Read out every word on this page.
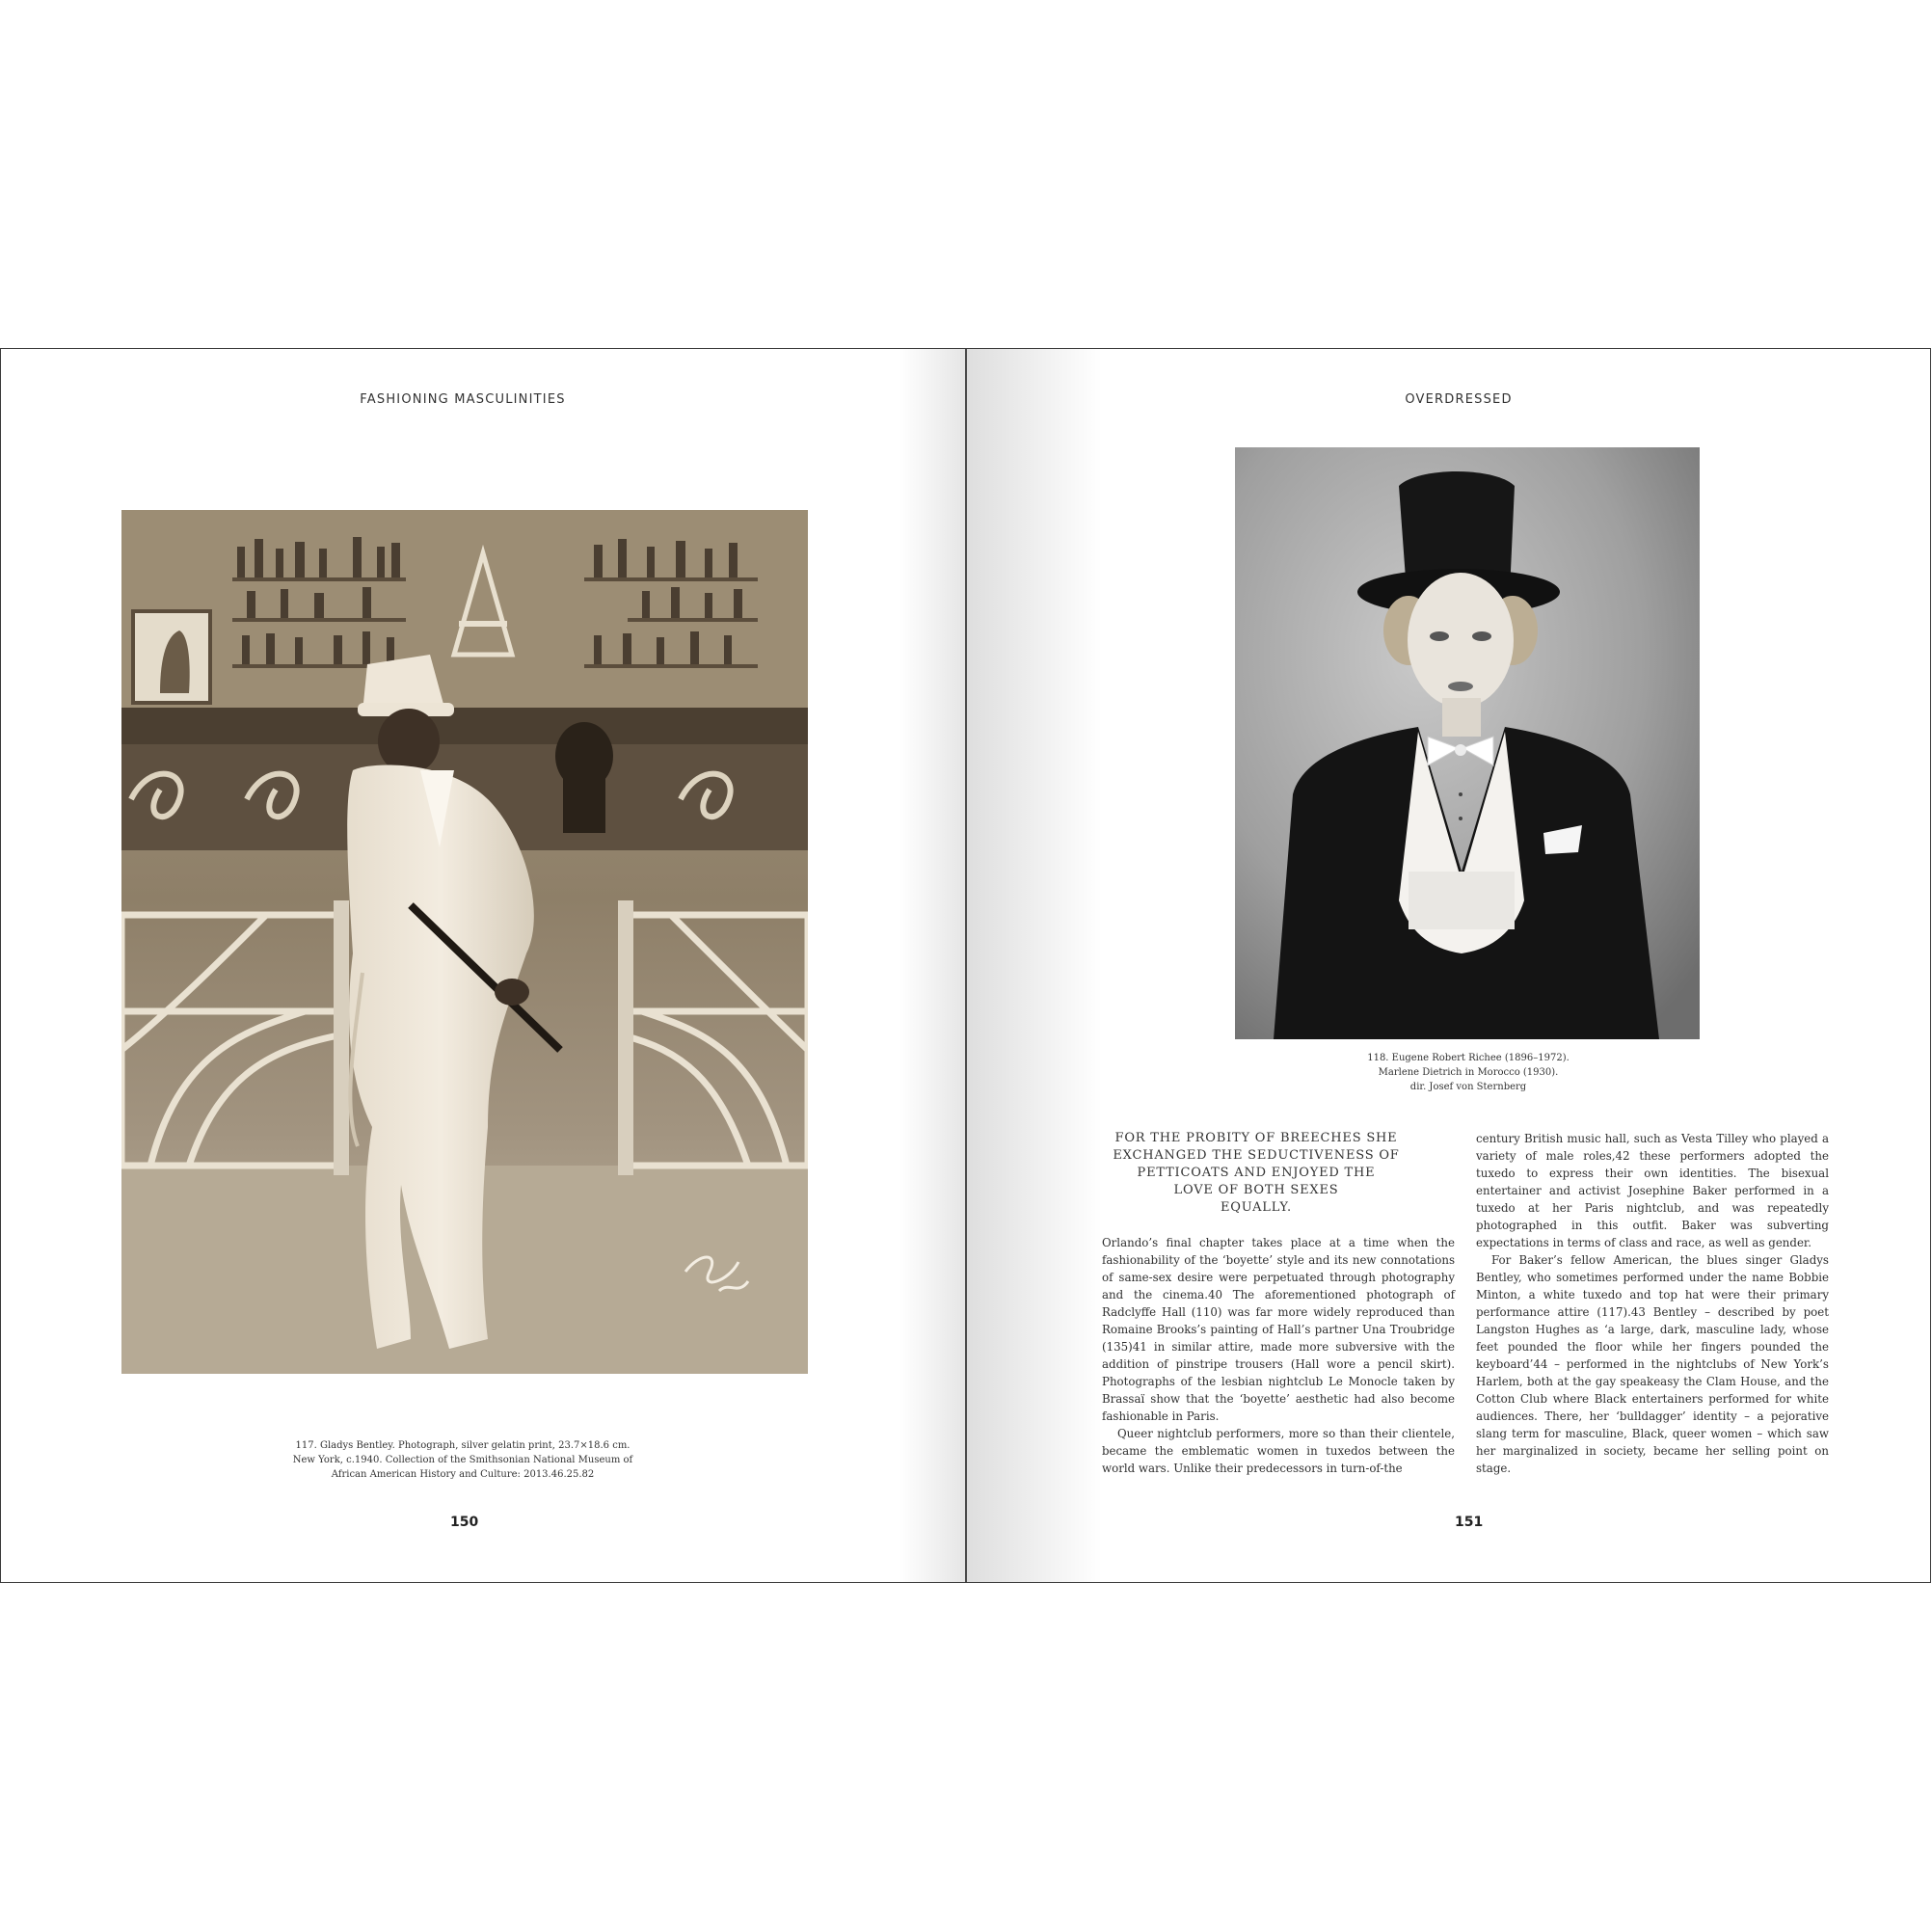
FASHIONING MASCULINITIES
117. Gladys Bentley. Photograph, silver gelatin print, 23.7×18.6 cm.
New York, c.1940. Collection of the Smithsonian National Museum of
African American History and Culture: 2013.46.25.82
150
OVERDRESSED
118. Eugene Robert Richee (1896–1972).
Marlene Dietrich in Morocco (1930).
dir. Josef von Sternberg
FOR THE PROBITY OF BREECHES SHE
EXCHANGED THE SEDUCTIVENESS OF
PETTICOATS AND ENJOYED THE
LOVE OF BOTH SEXES
EQUALLY.

Orlando’s final chapter takes place at a time when the fashionability of the ‘boyette’ style and its new connotations of same-sex desire were perpetuated through photography and the cinema.40 The aforementioned photograph of Radclyffe Hall (110) was far more widely reproduced than Romaine Brooks’s painting of Hall’s partner Una Troubridge (135)41 in similar attire, made more subversive with the addition of pinstripe trousers (Hall wore a pencil skirt). Photographs of the lesbian nightclub Le Monocle taken by Brassaï show that the ‘boyette’ aesthetic had also become fashionable in Paris.

Queer nightclub performers, more so than their clientele, became the emblematic women in tuxedos between the world wars. Unlike their predecessors in turn-of-the

century British music hall, such as Vesta Tilley who played a variety of male roles,42 these performers adopted the tuxedo to express their own identities. The bisexual entertainer and activist Josephine Baker performed in a tuxedo at her Paris nightclub, and was repeatedly photographed in this outfit. Baker was subverting expectations in terms of class and race, as well as gender.

For Baker’s fellow American, the blues singer Gladys Bentley, who sometimes performed under the name Bobbie Minton, a white tuxedo and top hat were their primary performance attire (117).43 Bentley – described by poet Langston Hughes as ‘a large, dark, masculine lady, whose feet pounded the floor while her fingers pounded the keyboard’44 – performed in the nightclubs of New York’s Harlem, both at the gay speakeasy the Clam House, and the Cotton Club where Black entertainers performed for white audiences. There, her ‘bulldagger’ identity – a pejorative slang term for masculine, Black, queer women – which saw her marginalized in society, became her selling point on stage.

151
